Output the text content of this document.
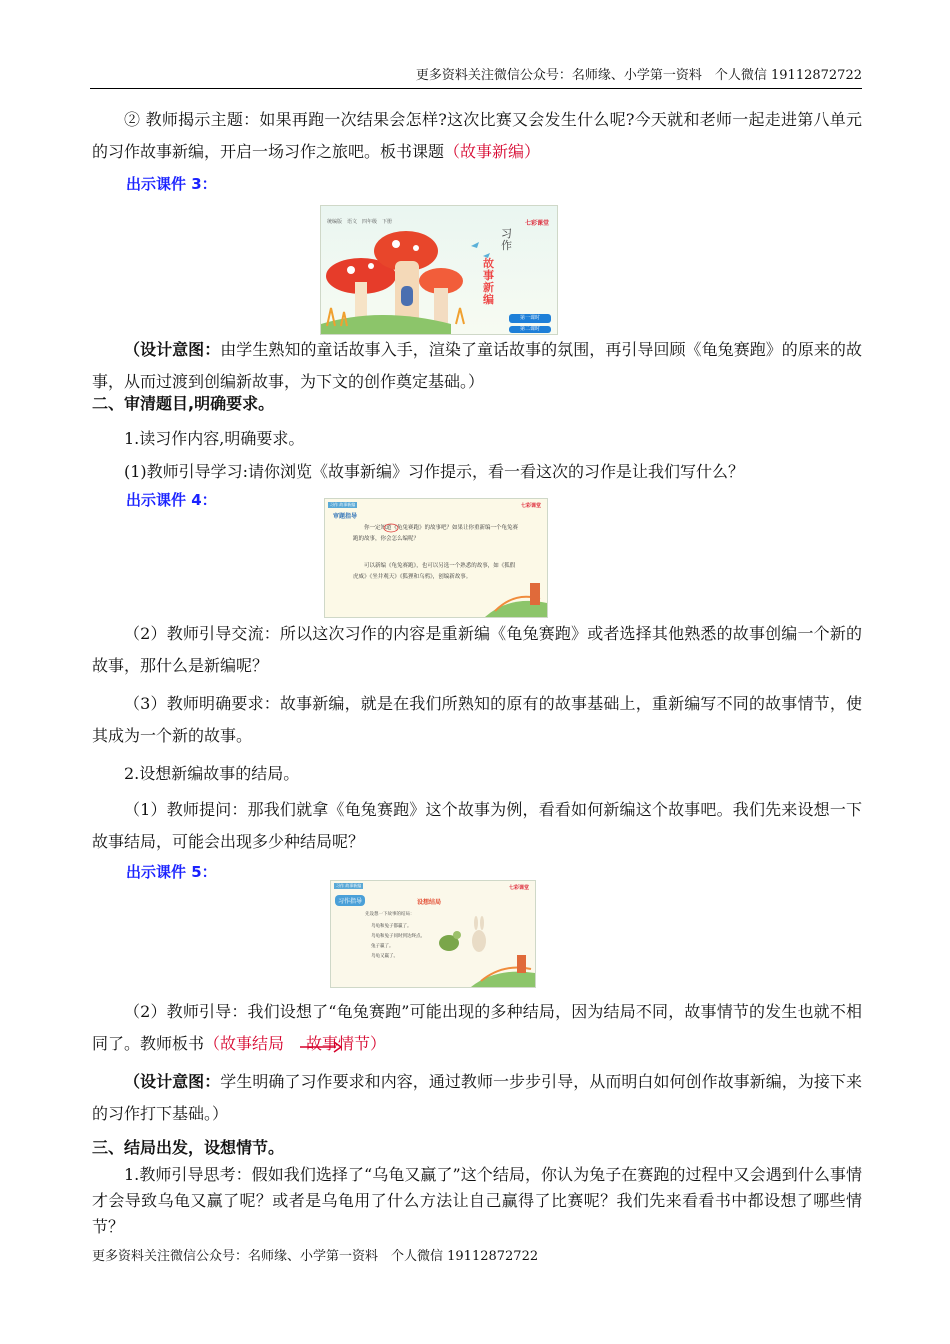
更多资料关注微信公众号：名师缘、小学第一资料　个人微信 19112872722

② 教师揭示主题：如果再跑一次结果会怎样?这次比赛又会发生什么呢?今天就和老师一起走进第八单元的习作故事新编，开启一场习作之旅吧。板书课题（故事新编）

出示课件 3：
统编版　语文　四年级　下册	七彩课堂
习作
故事新编
第一课时
第二课时

（设计意图：由学生熟知的童话故事入手，渲染了童话故事的氛围，再引导回顾《龟兔赛跑》的原来的故事，从而过渡到创编新故事，为下文的创作奠定基础。）

二、审清题目,明确要求。

1.读习作内容,明确要求。

(1)教师引导学习:请你浏览《故事新编》习作提示，看一看这次的习作是让我们写什么？

出示课件 4：	习作 故事新编	七彩课堂
审题指导
你一定知道《龟兔赛跑》的故事吧？如果让你重新编一个龟兔赛跑的故事，你会怎么编呢？
可以新编《龟兔赛跑》，也可以另选一个熟悉的故事，如《狐假虎威》《坐井观天》《狐狸和乌鸦》，创编新故事。

（2）教师引导交流：所以这次习作的内容是重新编《龟兔赛跑》或者选择其他熟悉的故事创编一个新的故事，那什么是新编呢？

（3）教师明确要求：故事新编，就是在我们所熟知的原有的故事基础上，重新编写不同的故事情节，使其成为一个新的故事。

2.设想新编故事的结局。

（1）教师提问：那我们就拿《龟兔赛跑》这个故事为例，看看如何新编这个故事吧。我们先来设想一下故事结局，可能会出现多少种结局呢？

出示课件 5：
习作 故事新编	七彩课堂
习作指导	设想结局
先设想一下故事的结局：
乌龟和兔子都赢了。
乌龟和兔子同时到达终点。
兔子赢了。
乌龟又赢了。

（2）教师引导：我们设想了“龟兔赛跑”可能出现的多种结局，因为结局不同，故事情节的发生也就不相同了。教师板书（故事结局 故事情节）

（设计意图：学生明确了习作要求和内容，通过教师一步步引导，从而明白如何创作故事新编，为接下来的习作打下基础。）

三、结局出发，设想情节。

1.教师引导思考：假如我们选择了“乌龟又赢了”这个结局，你认为兔子在赛跑的过程中又会遇到什么事情才会导致乌龟又赢了呢？或者是乌龟用了什么方法让自己赢得了比赛呢？我们先来看看书中都设想了哪些情节？

更多资料关注微信公众号：名师缘、小学第一资料　个人微信 19112872722
